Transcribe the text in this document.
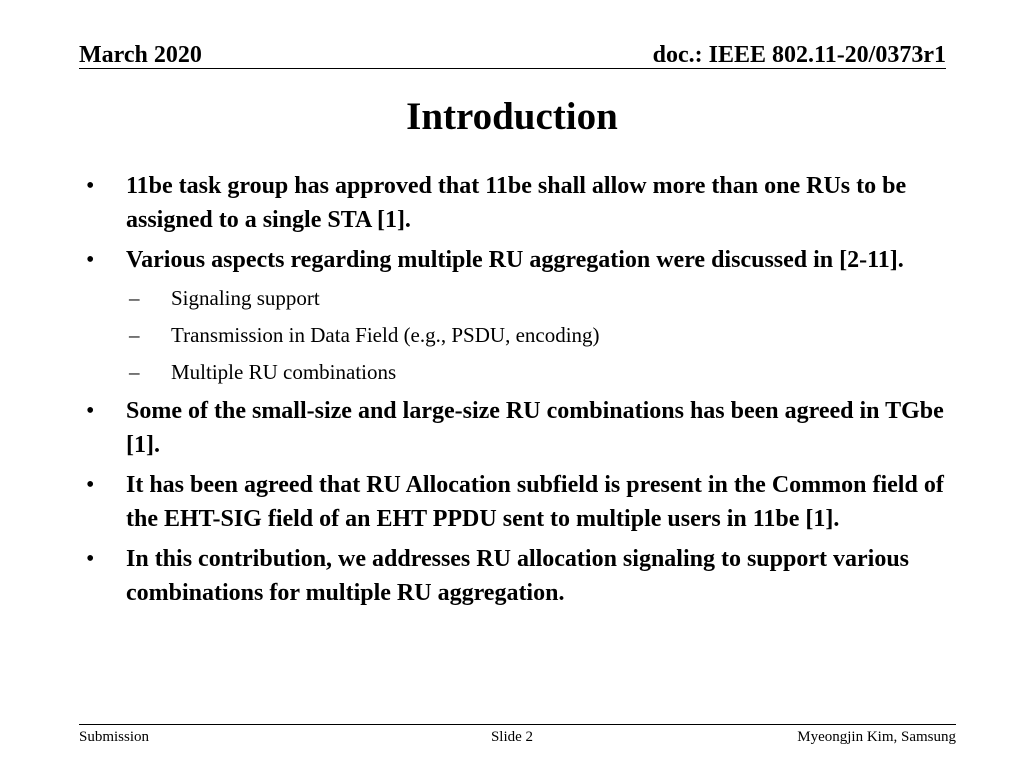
March 2020	doc.: IEEE 802.11-20/0373r1
Introduction
•	11be task group has approved that 11be shall allow more than one RUs to be assigned to a single STA [1].
•	Various aspects regarding multiple RU aggregation were discussed in [2-11].
–	Signaling support
–	Transmission in Data Field (e.g., PSDU, encoding)
–	Multiple RU combinations
•	Some of the small-size and large-size RU combinations has been agreed in TGbe [1].
•	It has been agreed that RU Allocation subfield is present in the Common field of the EHT-SIG field of an EHT PPDU sent to multiple users in 11be [1].
•	In this contribution, we addresses RU allocation signaling to support various combinations for multiple RU aggregation.
Submission	Slide 2	Myeongjin Kim, Samsung
